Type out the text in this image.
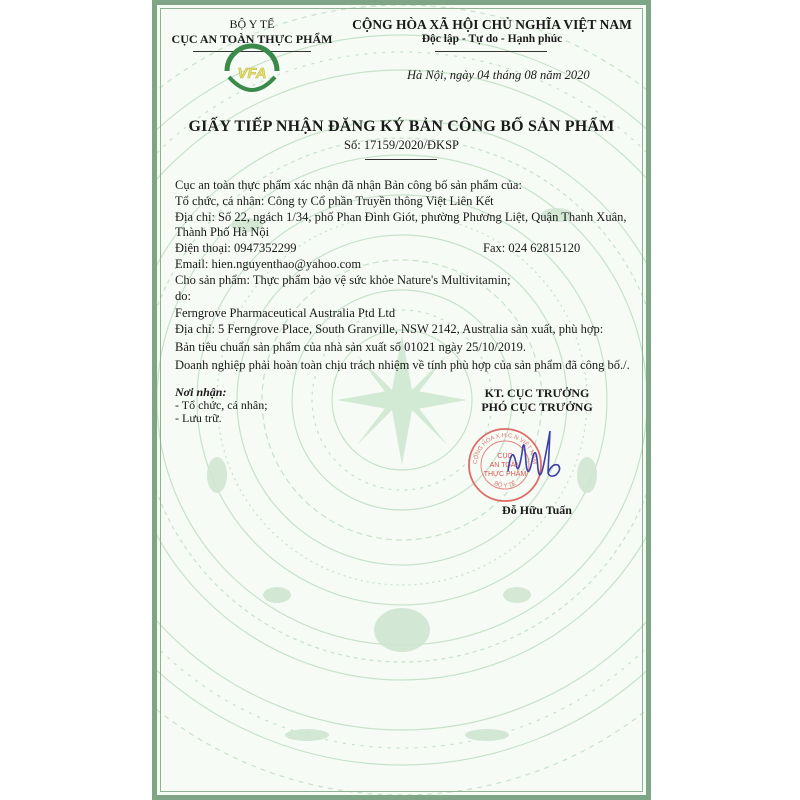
BỘ Y TẾ
CỤC AN TOÀN THỰC PHẨM
VFA
CỘNG HÒA XÃ HỘI CHỦ NGHĨA VIỆT NAM
Độc lập - Tự do - Hạnh phúc
Hà Nội, ngày 04 tháng 08 năm 2020
GIẤY TIẾP NHẬN ĐĂNG KÝ BẢN CÔNG BỐ SẢN PHẨM
Số: 17159/2020/ĐKSP
Cục an toàn thực phẩm xác nhận đã nhận Bản công bố sản phẩm của:
Tổ chức, cá nhân: Công ty Cổ phần Truyền thông Việt Liên Kết
Địa chỉ: Số 22, ngách 1/34, phố Phan Đình Giót, phường Phương Liệt, Quận Thanh Xuân,
Thành Phố Hà Nội
Điện thoại: 0947352299	Fax: 024 62815120
Email: hien.nguyenthao@yahoo.com
Cho sản phẩm: Thực phẩm bảo vệ sức khỏe Nature's Multivitamin;
do:
Ferngrove Pharmaceutical Australia Ptd Ltd
Địa chỉ: 5 Ferngrove Place, South Granville, NSW 2142, Australia sản xuất, phù hợp:
Bản tiêu chuẩn sản phẩm của nhà sản xuất số 01021 ngày 25/10/2019.
Doanh nghiệp phải hoàn toàn chịu trách nhiệm về tính phù hợp của sản phẩm đã công bố./.
Nơi nhận:
- Tổ chức, cá nhân;
- Lưu trữ.
KT. CỤC TRƯỞNG
PHÓ CỤC TRƯỞNG
CỘNG HÒA X.H.C.N VIỆT NAM
BỘ Y TẾ
CỤC
AN TOÀN
THỰC PHẨM
Đỗ Hữu Tuấn
